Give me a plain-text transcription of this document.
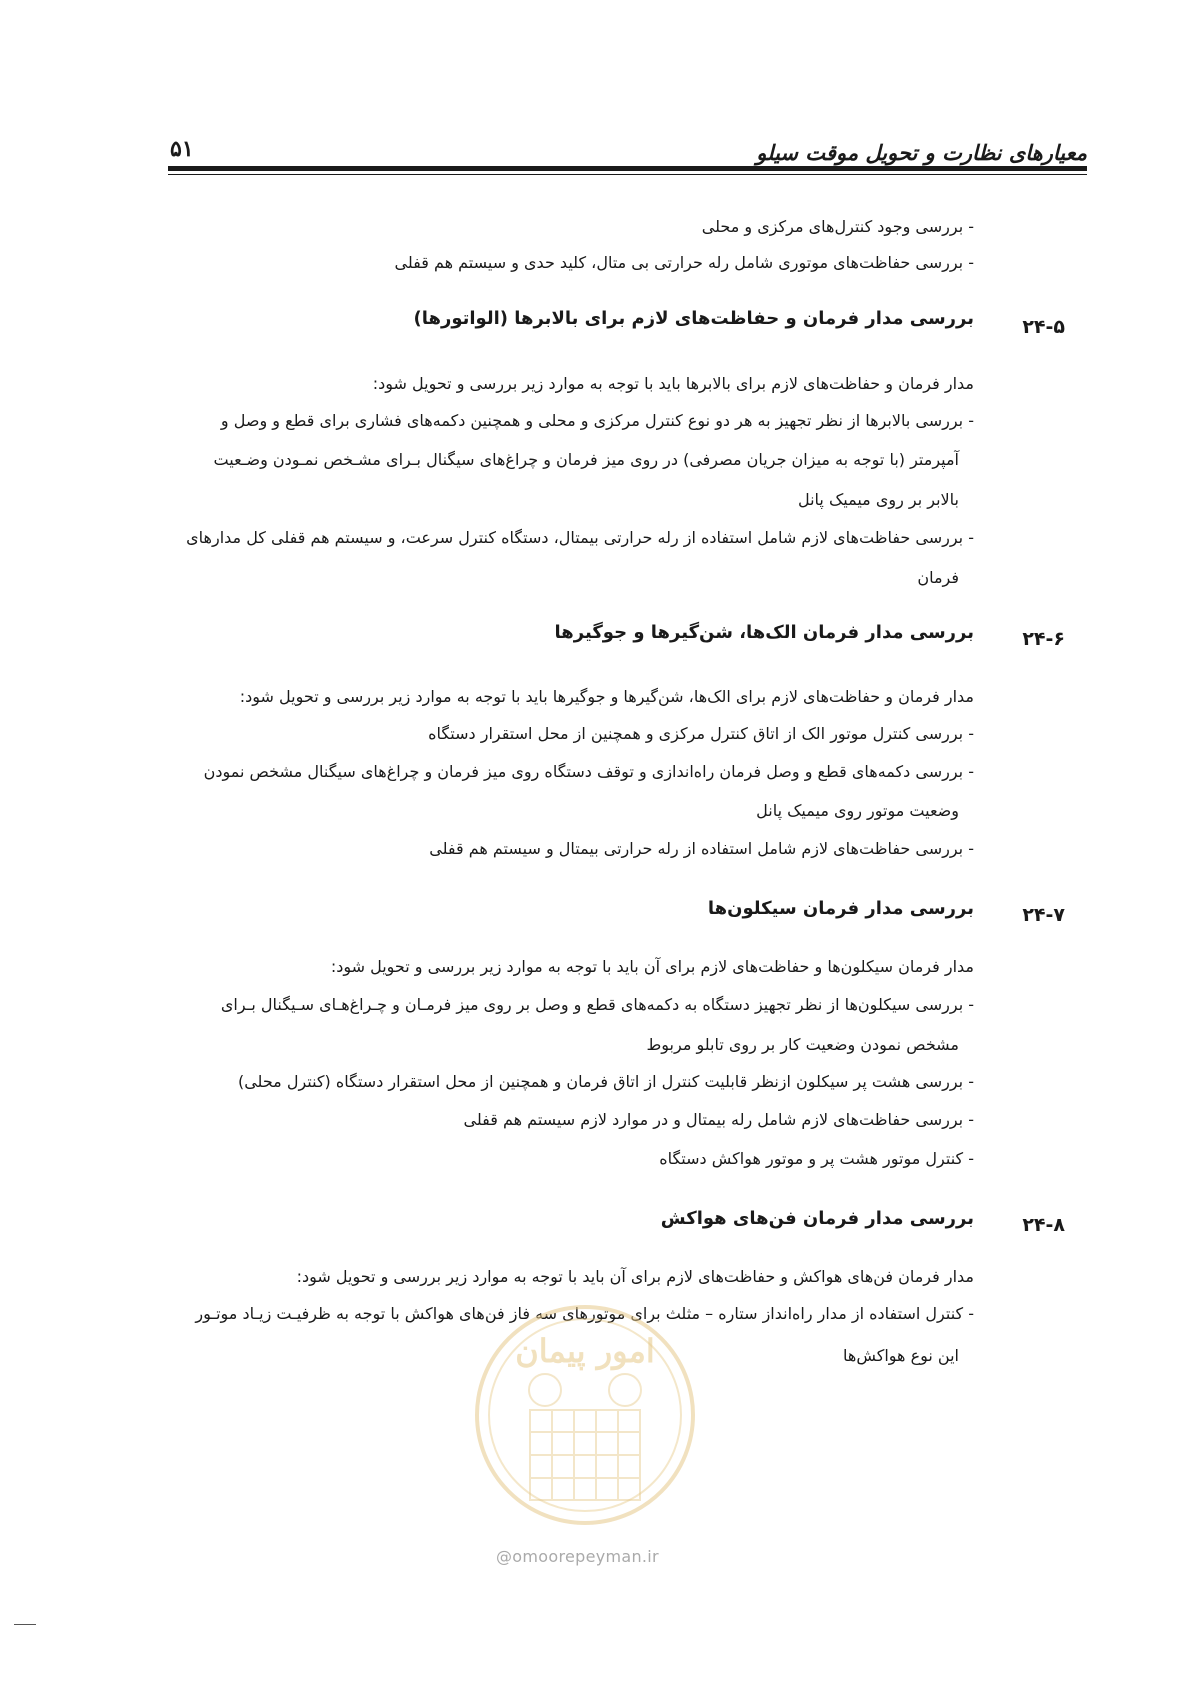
معیارهای نظارت و تحویل موقت سیلو
۵۱
- بررسی وجود کنترل‌های مرکزی و محلی
- بررسی حفاظت‌های موتوری شامل رله حرارتی بی متال، کلید حدی و سیستم هم قفلی
۲۴-۵
بررسی مدار فرمان و حفاظت‌های لازم برای بالابرها (الواتورها)
مدار فرمان و حفاظت‌های لازم برای بالابرها باید با توجه به موارد زیر بررسی و تحویل شود:
- بررسی بالابرها از نظر تجهیز به هر دو نوع کنترل مرکزی و محلی و همچنین دکمه‌های فشاری برای قطع و وصل و
آمپرمتر (با توجه به میزان جریان مصرفی) در روی میز فرمان و چراغ‌های سیگنال بـرای مشـخص نمـودن وضـعیت
بالابر بر روی میمیک پانل
- بررسی حفاظت‌های لازم شامل استفاده از رله حرارتی بیمتال، دستگاه کنترل سرعت، و سیستم هم قفلی کل مدارهای
فرمان
۲۴-۶
بررسی مدار فرمان الک‌ها، شن‌گیرها و جوگیرها
مدار فرمان و حفاظت‌های لازم برای الک‌ها، شن‌گیرها و جوگیرها باید با توجه به موارد زیر بررسی و تحویل شود:
- بررسی کنترل موتور الک از اتاق کنترل مرکزی و همچنین از محل استقرار دستگاه
- بررسی دکمه‌های قطع و وصل فرمان راه‌اندازی و توقف دستگاه روی میز فرمان و چراغ‌های سیگنال مشخص نمودن
وضعیت موتور روی میمیک پانل
- بررسی حفاظت‌های لازم شامل استفاده از رله حرارتی بیمتال و سیستم هم قفلی
۲۴-۷
بررسی مدار فرمان سیکلون‌ها
مدار فرمان سیکلون‌ها و حفاظت‌های لازم برای آن باید با توجه به موارد زیر بررسی و تحویل شود:
- بررسی سیکلون‌ها از نظر تجهیز دستگاه به دکمه‌های قطع و وصل بر روی میز فرمـان و چـراغ‌هـای سـیگنال بـرای
مشخص نمودن وضعیت کار بر روی تابلو مربوط
- بررسی هشت پر سیکلون ازنظر قابلیت کنترل از اتاق فرمان و همچنین از محل استقرار دستگاه (کنترل محلی)
- بررسی حفاظت‌های لازم شامل رله بیمتال و در موارد لازم سیستم هم قفلی
- کنترل موتور هشت پر و موتور هواکش دستگاه
۲۴-۸
بررسی مدار فرمان فن‌های هواکش
مدار فرمان فن‌های هواکش و حفاظت‌های لازم برای آن باید با توجه به موارد زیر بررسی و تحویل شود:
- کنترل استفاده از مدار راه‌انداز ستاره – مثلث برای موتورهای سه فاز فن‌های هواکش با توجه به ظرفیـت زیـاد موتـور
این نوع هواکش‌ها
امور پیمان
@omoorepeyman.ir
